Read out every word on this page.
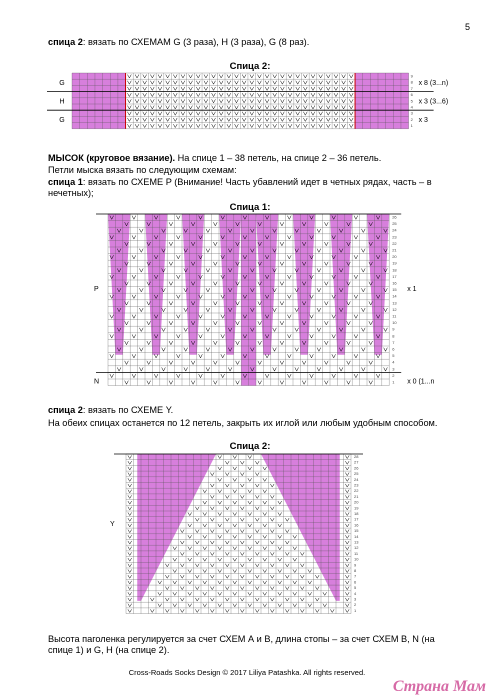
5
спица 2: вязать по СХЕМАМ G (3 раза), H (3 раза), G (8 раз).
Спица 2:
G	x 8 (3...n)
9
8
7
H	x 3 (3...6)
6
5
4
G	x 3
3
2
1
МЫСОК (круговое вязание). На спице 1 – 38 петель, на спице 2 – 36 петель.
Петли мыска вязать по следующим схемам:
спица 1: вязать по СХЕМЕ P (Внимание! Часть убавлений идет в четных рядах, часть – в нечетных);
Спица 1:
26
25
24
23
22
21
20
19
18
17
16
15
14
13
12
11
10
9
8
7
6
5
4
3
2
1
P
N
x 1
x 0 (1...n
спица 2: вязать по СХЕМЕ Y.
На обеих спицах останется по 12 петель, закрыть их иглой или любым удобным способом.
Спица 2:
28
27
26
25
24
23
22
21
20
19
18
17
16
15
14
13
12
11
10
9
8
7
6
5
4
3
2
1
Y
Высота паголенка регулируется за счет СХЕМ А и В, длина стопы – за счет СХЕМ В, N (на спице 1) и G, H (на спице 2).
Cross-Roads Socks Design © 2017 Liliya Patashka. All rights reserved.
Страна Мам
